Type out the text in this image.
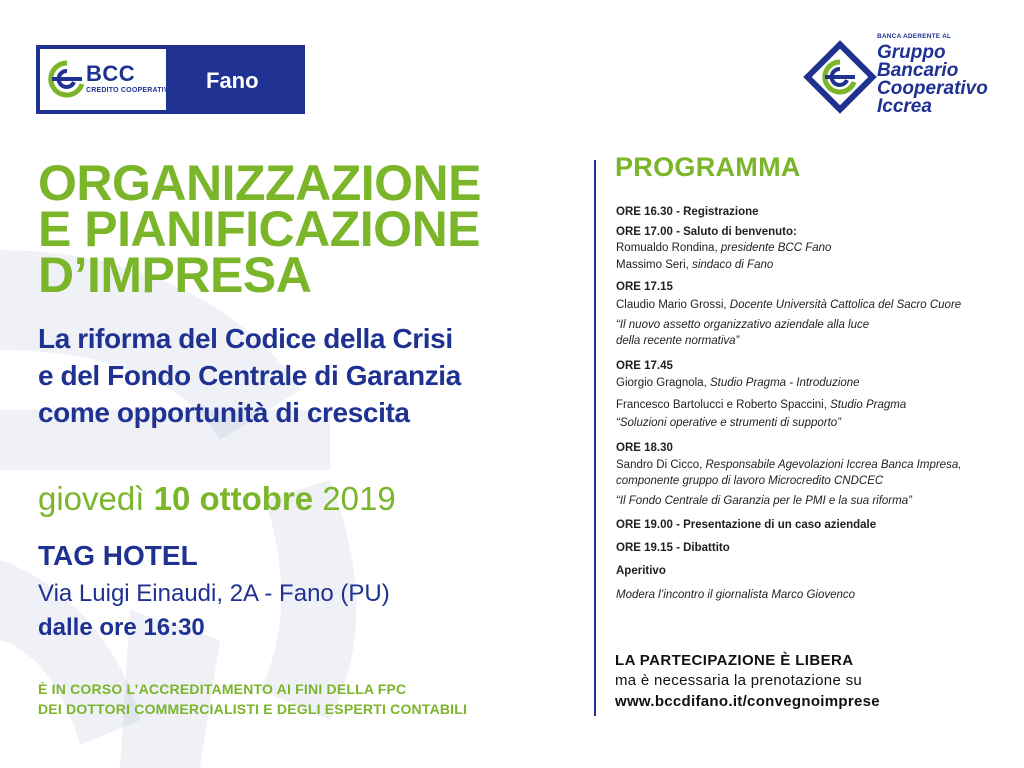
BCC
CREDITO COOPERATIVO Fano
BANCA ADERENTE AL
Gruppo
Bancario
Cooperativo
Iccrea
ORGANIZZAZIONE
E PIANIFICAZIONE
D’IMPRESA
La riforma del Codice della Crisi
e del Fondo Centrale di Garanzia
come opportunità di crescita
giovedì 10 ottobre 2019
TAG HOTEL
Via Luigi Einaudi, 2A - Fano (PU)
dalle ore 16:30
È IN CORSO L’ACCREDITAMENTO AI FINI DELLA FPC
DEI DOTTORI COMMERCIALISTI E DEGLI ESPERTI CONTABILI
PROGRAMMA
ORE 16.30 - Registrazione
ORE 17.00 - Saluto di benvenuto:
Romualdo Rondina, presidente BCC Fano
Massimo Seri, sindaco di Fano
ORE 17.15
Claudio Mario Grossi, Docente Università Cattolica del Sacro Cuore
“Il nuovo assetto organizzativo aziendale alla luce
della recente normativa”
ORE 17.45
Giorgio Gragnola, Studio Pragma - Introduzione
Francesco Bartolucci e Roberto Spaccini, Studio Pragma
“Soluzioni operative e strumenti di supporto”
ORE 18.30
Sandro Di Cicco, Responsabile Agevolazioni Iccrea Banca Impresa,
componente gruppo di lavoro Microcredito CNDCEC
“Il Fondo Centrale di Garanzia per le PMI e la sua riforma”
ORE 19.00 - Presentazione di un caso aziendale
ORE 19.15 - Dibattito
Aperitivo
Modera l’incontro il giornalista Marco Giovenco
LA PARTECIPAZIONE È LIBERA
ma è necessaria la prenotazione su
www.bccdifano.it/convegnoimprese
